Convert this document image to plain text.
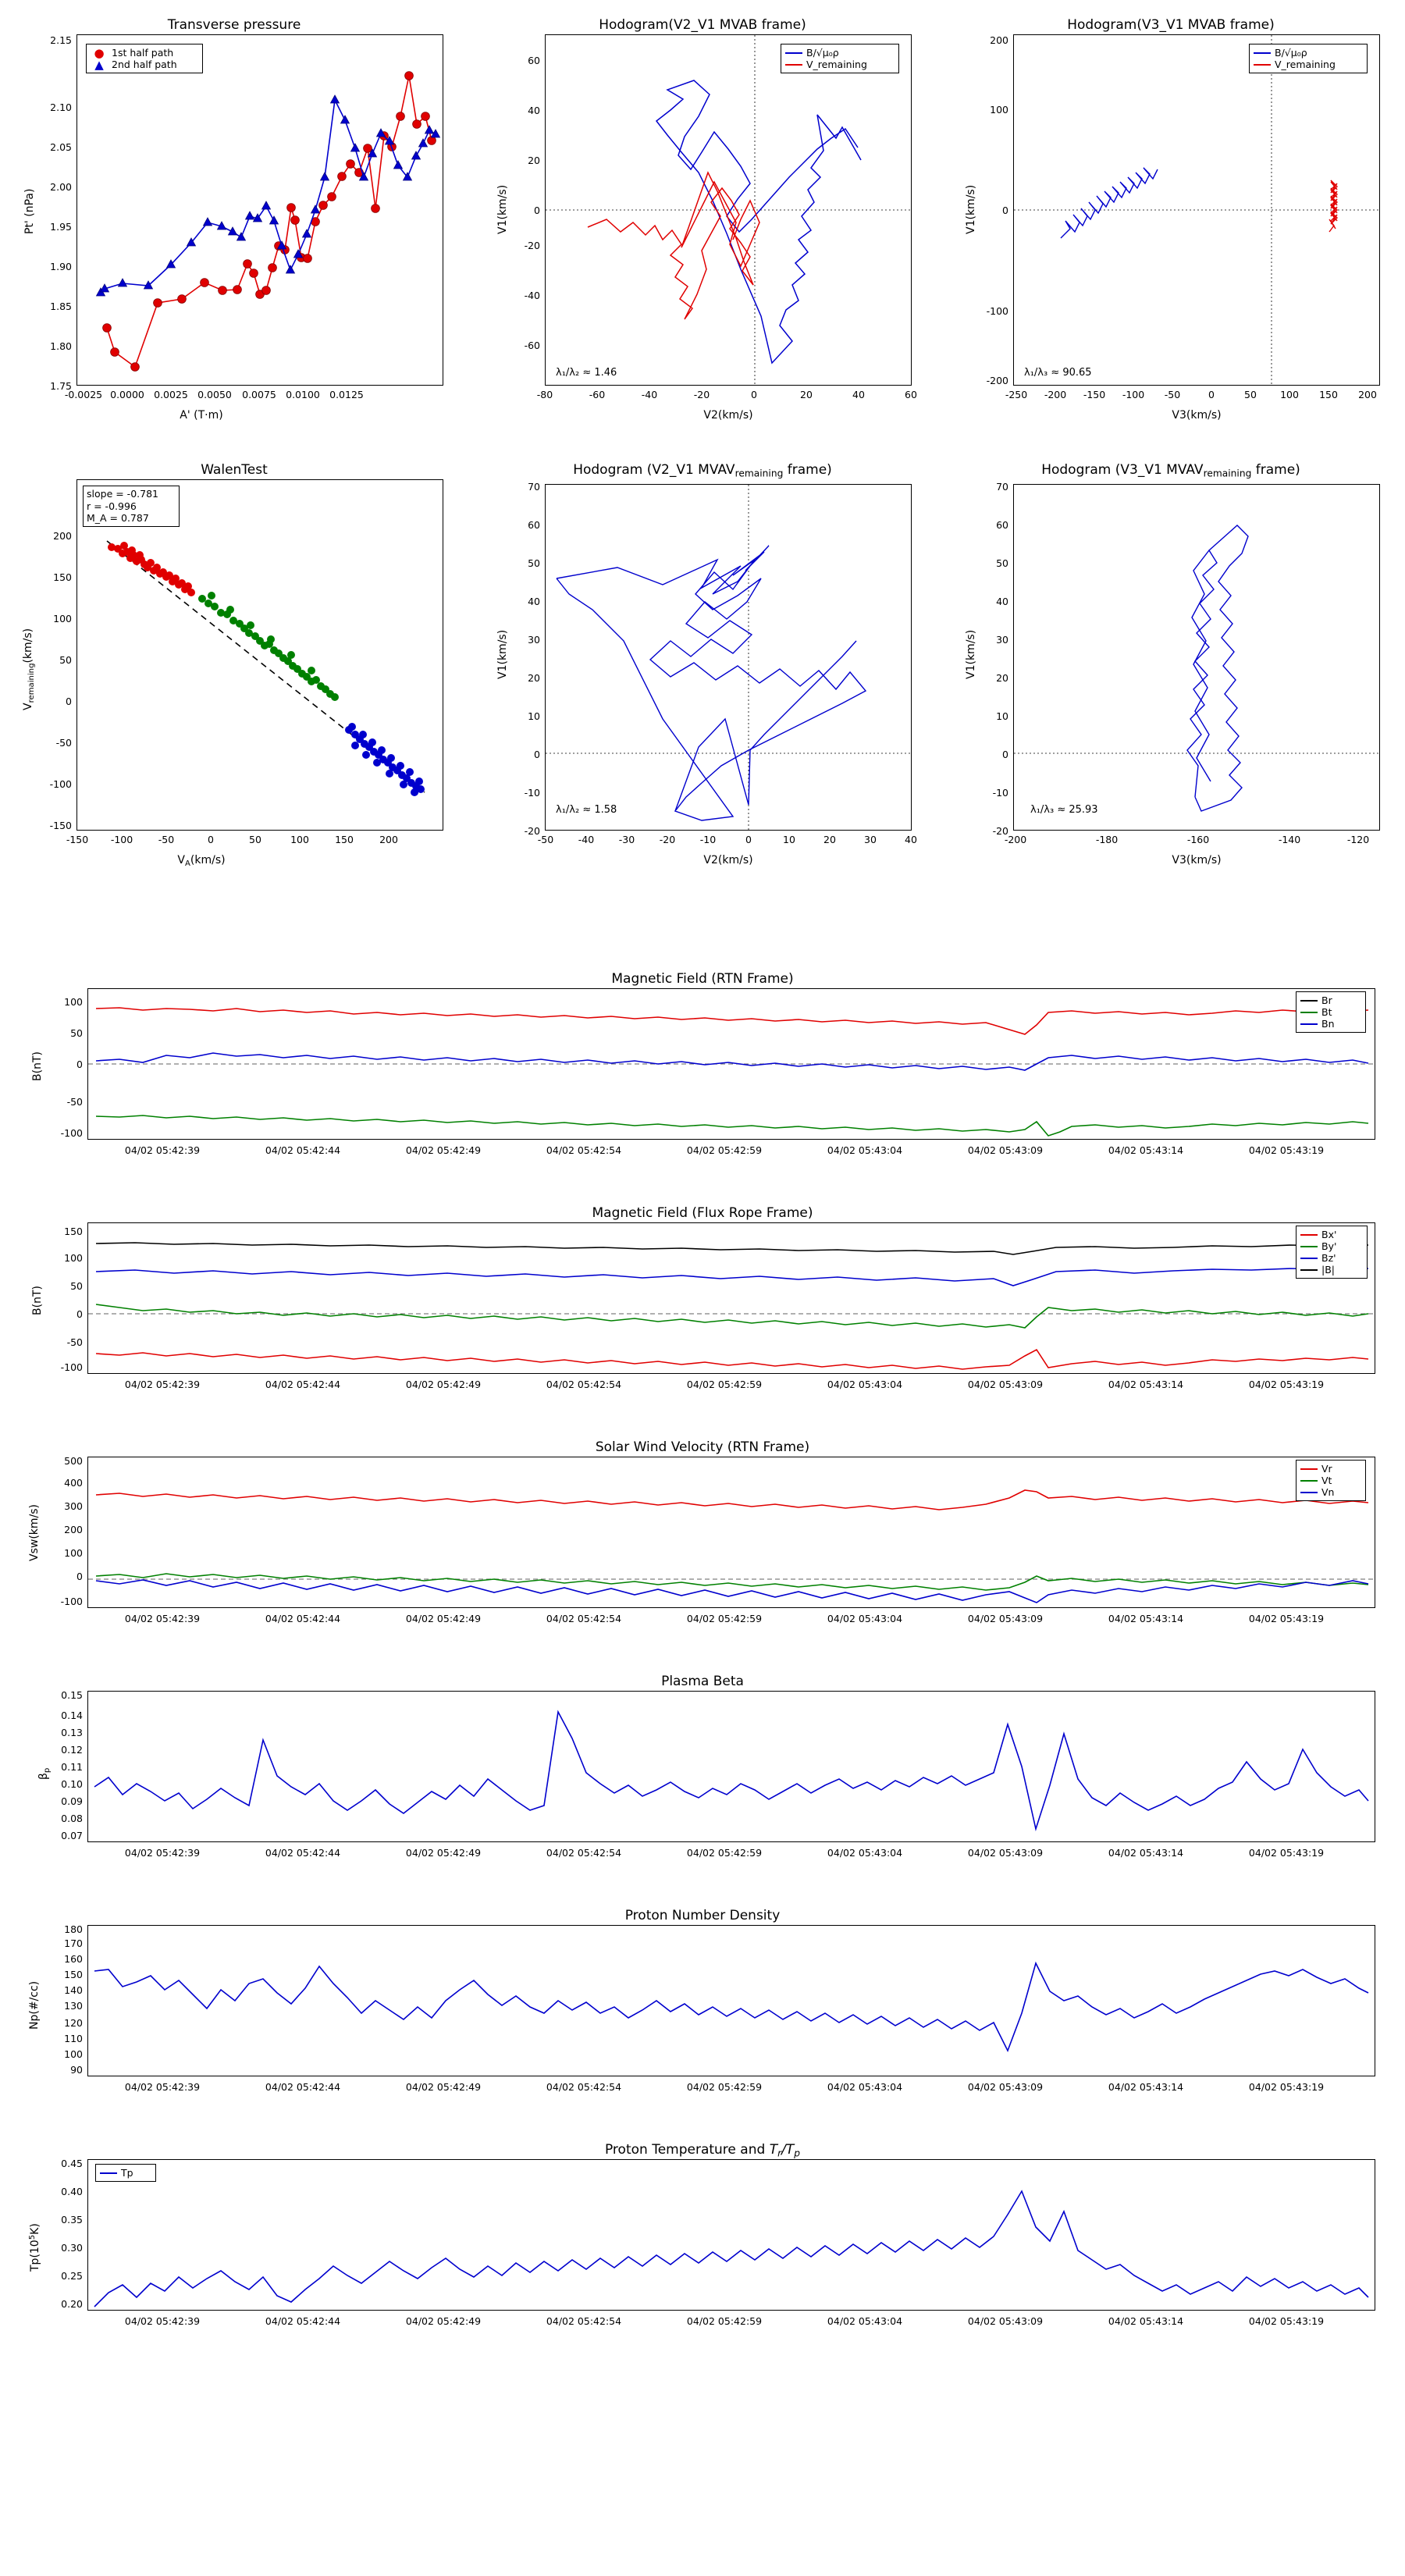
Transverse pressure
● 1st half path
▲ 2nd half path
Pt' (nPa)
A' (T·m)
1.75
1.80
1.85
1.90
1.95
2.00
2.05
2.10
2.15
-0.0025 0.0000 0.0025 0.0050	0.0075 0.0100 0.0125
Hodogram(V2_V1 MVAB frame)
B/√μ₀ρ
V_remaining
λ₁/λ₂ ≈ 1.46
V1(km/s)
V2(km/s)
-60
-40
-20
0
20
40
60
-80	-60	-40	-20	0	20	40	60
Hodogram(V3_V1 MVAB frame)
B/√μ₀ρ
V_remaining
λ₁/λ₃ ≈ 90.65
V1(km/s)
V3(km/s)
-200
-100
0
100
200
-250	-200	-150	-100	-50	0	50	100	150	200
WalenTest
slope = -0.781
r = -0.996
M_A = 0.787
$V_{remaining}(km/s)$
$V_A(km/s)$
-150
-100
-50
0
50
100
150
200
-150	-100	-50	0	50	100	150	200
Hodogram (V2_V1 $MVAV_{remaining}$ frame)
λ₁/λ₂ ≈ 1.58
V1(km/s)
V2(km/s)
-20
-10
0
10
20
30
40
50
60
70
-50	-40	-30	-20	-10	0	10	20	30	40
Hodogram (V3_V1 $MVAV_{remaining}$ frame)
λ₁/λ₃ ≈ 25.93
V1(km/s)
V3(km/s)
-20
-10
0
10
20
30
40
50
60
70
-200	-180	-160	-140	-120
Magnetic Field (RTN Frame)
Br
Bt
Bn
B(nT)
-100
-50
0
50
100
04/02 05:42:39	04/02 05:42:44	04/02 05:42:49	04/02 05:42:54	04/02 05:42:59	04/02 05:43:04	04/02 05:43:09	04/02 05:43:14	04/02 05:43:19
Magnetic Field (Flux Rope Frame)
Bx'
By'
Bz'
|B|
B(nT)
-100
-50
0
50
100
150
04/02 05:42:39	04/02 05:42:44	04/02 05:42:49	04/02 05:42:54	04/02 05:42:59	04/02 05:43:04	04/02 05:43:09	04/02 05:43:14	04/02 05:43:19
Solar Wind Velocity (RTN Frame)
Vr
Vt
Vn
Vsw(km/s)
-100
0
100
200
300
400
500
04/02 05:42:39	04/02 05:42:44	04/02 05:42:49	04/02 05:42:54	04/02 05:42:59	04/02 05:43:04	04/02 05:43:09	04/02 05:43:14	04/02 05:43:19
Plasma Beta
$\beta_p$
0.07
0.08
0.09
0.10
0.11
0.12
0.13
0.14
0.15
04/02 05:42:39	04/02 05:42:44	04/02 05:42:49	04/02 05:42:54	04/02 05:42:59	04/02 05:43:04	04/02 05:43:09	04/02 05:43:14	04/02 05:43:19
Proton Number Density
Np(#/cc)
90
100
110
120
130
140
150
160
170
180
04/02 05:42:39	04/02 05:42:44	04/02 05:42:49	04/02 05:42:54	04/02 05:42:59	04/02 05:43:04	04/02 05:43:09	04/02 05:43:14	04/02 05:43:19
Proton Temperature and $T_r/T_p$
Tp
$Tp(10^5K)$
0.20
0.25
0.30
0.35
0.40
0.45
04/02 05:42:39	04/02 05:42:44	04/02 05:42:49	04/02 05:42:54	04/02 05:42:59	04/02 05:43:04	04/02 05:43:09	04/02 05:43:14	04/02 05:43:19
